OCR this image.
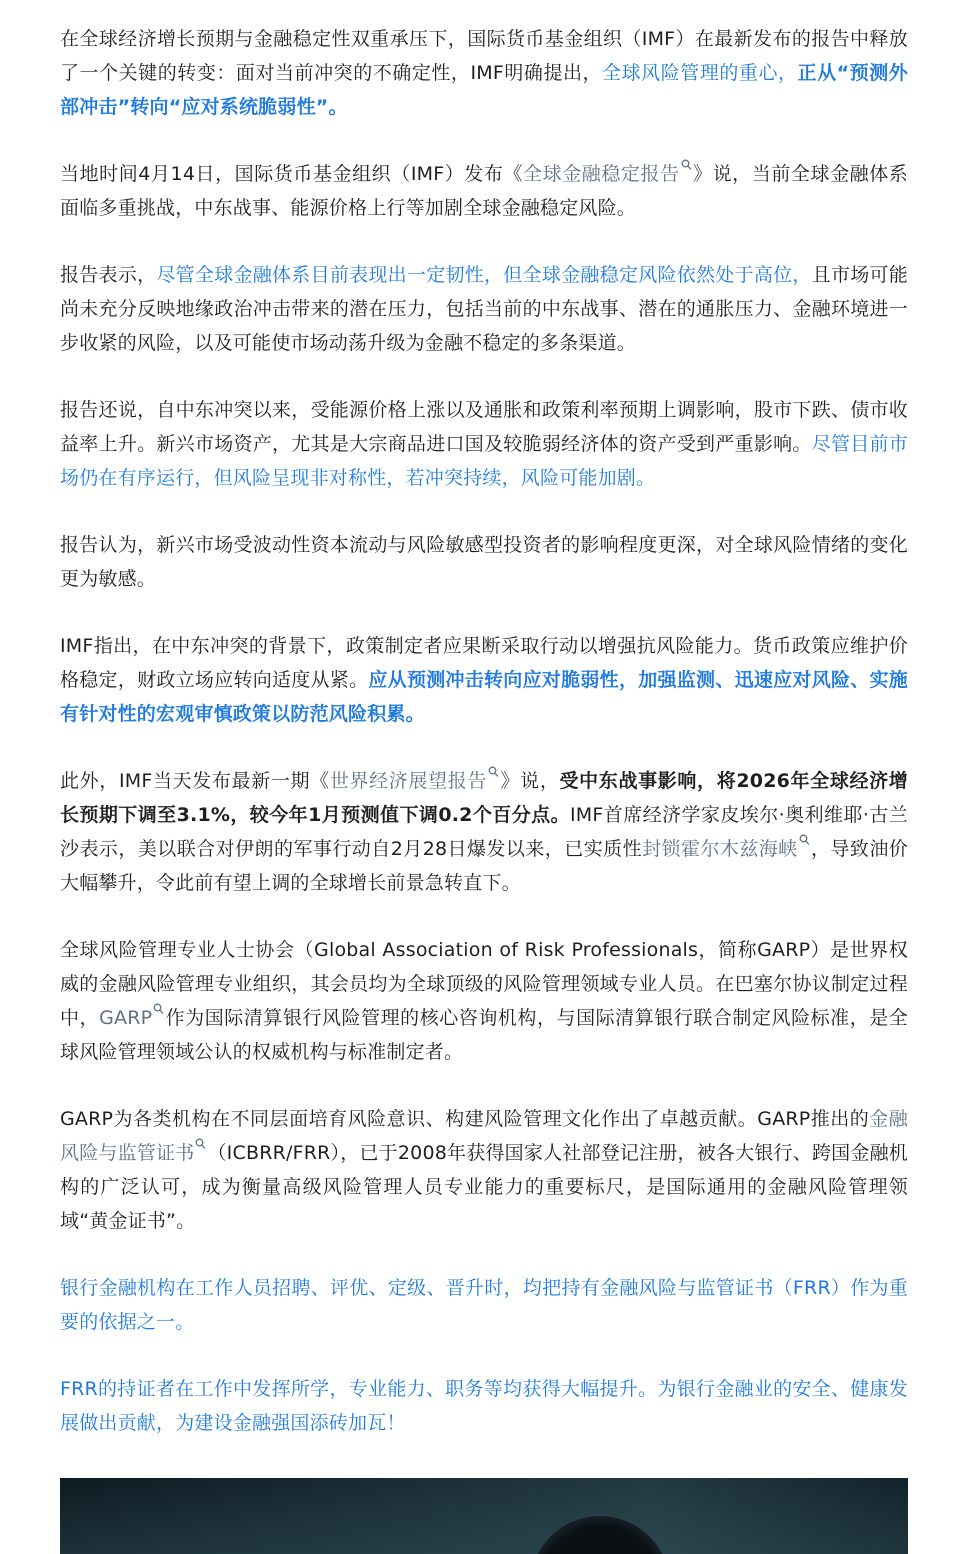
在全球经济增长预期与金融稳定性双重承压下，国际货币基金组织（IMF）在最新发布的报告中释放了一个关键的转变：面对当前冲突的不确定性，IMF明确提出，全球风险管理的重心，正从“预测外部冲击”转向“应对系统脆弱性”。

当地时间4月14日，国际货币基金组织（IMF）发布《全球金融稳定报告 》说，当前全球金融体系面临多重挑战，中东战事、能源价格上行等加剧全球金融稳定风险。

报告表示，尽管全球金融体系目前表现出一定韧性，但全球金融稳定风险依然处于高位，且市场可能尚未充分反映地缘政治冲击带来的潜在压力，包括当前的中东战事、潜在的通胀压力、金融环境进一步收紧的风险，以及可能使市场动荡升级为金融不稳定的多条渠道。

报告还说，自中东冲突以来，受能源价格上涨以及通胀和政策利率预期上调影响，股市下跌、债市收益率上升。新兴市场资产，尤其是大宗商品进口国及较脆弱经济体的资产受到严重影响。尽管目前市场仍在有序运行，但风险呈现非对称性，若冲突持续，风险可能加剧。

报告认为，新兴市场受波动性资本流动与风险敏感型投资者的影响程度更深，对全球风险情绪的变化更为敏感。

IMF指出，在中东冲突的背景下，政策制定者应果断采取行动以增强抗风险能力。货币政策应维护价格稳定，财政立场应转向适度从紧。应从预测冲击转向应对脆弱性，加强监测、迅速应对风险、实施有针对性的宏观审慎政策以防范风险积累。

此外，IMF当天发布最新一期《世界经济展望报告 》说，受中东战事影响，将2026年全球经济增长预期下调至3.1%，较今年1月预测值下调0.2个百分点。IMF首席经济学家皮埃尔·奥利维耶·古兰沙表示，美以联合对伊朗的军事行动自2月28日爆发以来，已实质性封锁霍尔木兹海峡 ，导致油价大幅攀升，令此前有望上调的全球增长前景急转直下。

全球风险管理专业人士协会（Global Association of Risk Professionals，简称GARP）是世界权威的金融风险管理专业组织，其会员均为全球顶级的风险管理领域专业人员。在巴塞尔协议制定过程中，GARP 作为国际清算银行风险管理的核心咨询机构，与国际清算银行联合制定风险标准，是全球风险管理领域公认的权威机构与标准制定者。

GARP为各类机构在不同层面培育风险意识、构建风险管理文化作出了卓越贡献。GARP推出的金融风险与监管证书 （ICBRR/FRR），已于2008年获得国家人社部登记注册，被各大银行、跨国金融机构的广泛认可，成为衡量高级风险管理人员专业能力的重要标尺，是国际通用的金融风险管理领域“黄金证书”。

银行金融机构在工作人员招聘、评优、定级、晋升时，均把持有金融风险与监管证书（FRR）作为重要的依据之一。

FRR的持证者在工作中发挥所学，专业能力、职务等均获得大幅提升。为银行金融业的安全、健康发展做出贡献，为建设金融强国添砖加瓦！
